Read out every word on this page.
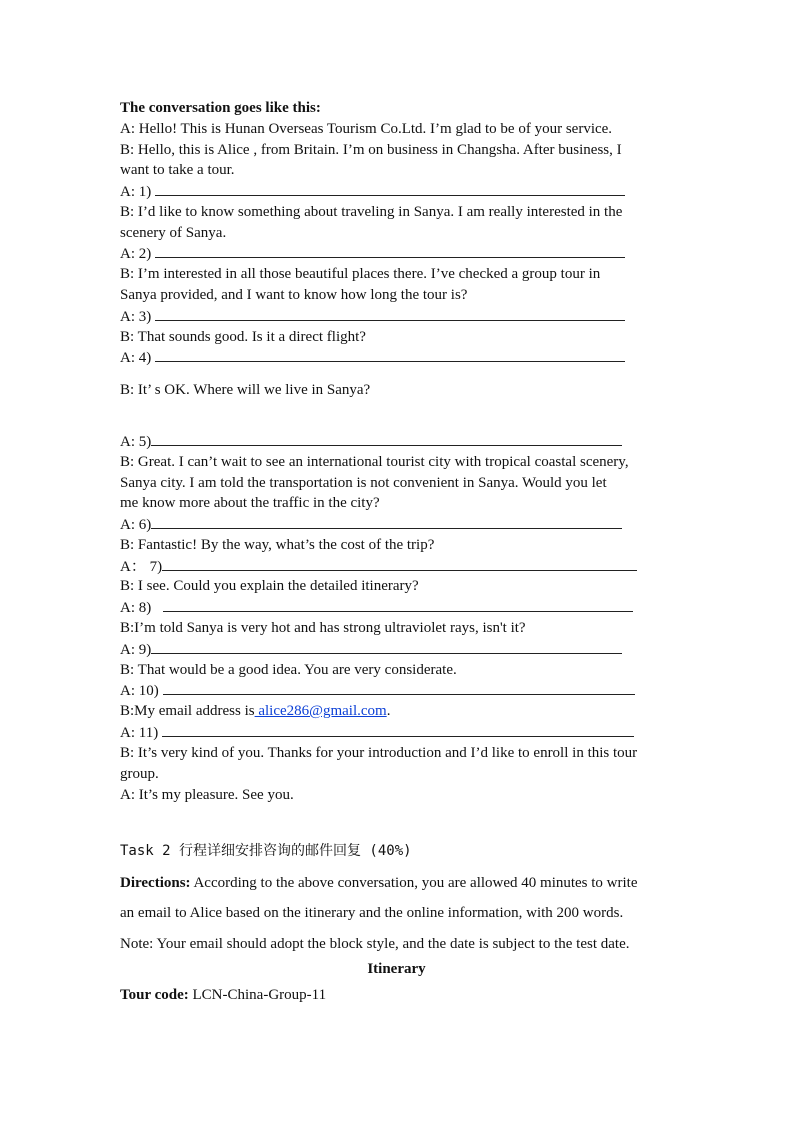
The conversation goes like this:
A: Hello! This is Hunan Overseas Tourism Co.Ltd. I’m glad to be of your service.
B: Hello, this is Alice , from Britain. I’m on business in Changsha. After business, I
want to take a tour.
A: 1)
B: I’d like to know something about traveling in Sanya. I am really interested in the
scenery of Sanya.
A: 2)
B: I’m interested in all those beautiful places there. I’ve checked a group tour in
Sanya provided, and I want to know how long the tour is?
A: 3)
B: That sounds good. Is it a direct flight?
A: 4)
B: It’ s OK. Where will we live in Sanya?
A: 5)
B: Great. I can’t wait to see an international tourist city with tropical coastal scenery,
Sanya city. I am told the transportation is not convenient in Sanya. Would you let
me know more about the traffic in the city?
A: 6)
B: Fantastic! By the way, what’s the cost of the trip?
A： 7)
B: I see. Could you explain the detailed itinerary?
A: 8)
B:I’m told Sanya is very hot and has strong ultraviolet rays, isn't it?
A: 9)
B: That would be a good idea. You are very considerate.
A: 10)
B:My email address is alice286@gmail.com.
A: 11)
B: It’s very kind of you. Thanks for your introduction and I’d like to enroll in this tour
group.
A: It’s my pleasure. See you.
Task 2 行程详细安排咨询的邮件回复 (40%)
Directions: According to the above conversation, you are allowed 40 minutes to write
an email to Alice based on the itinerary and the online information, with 200 words.
Note: Your email should adopt the block style, and the date is subject to the test date.
Itinerary
Tour code: LCN-China-Group-11
